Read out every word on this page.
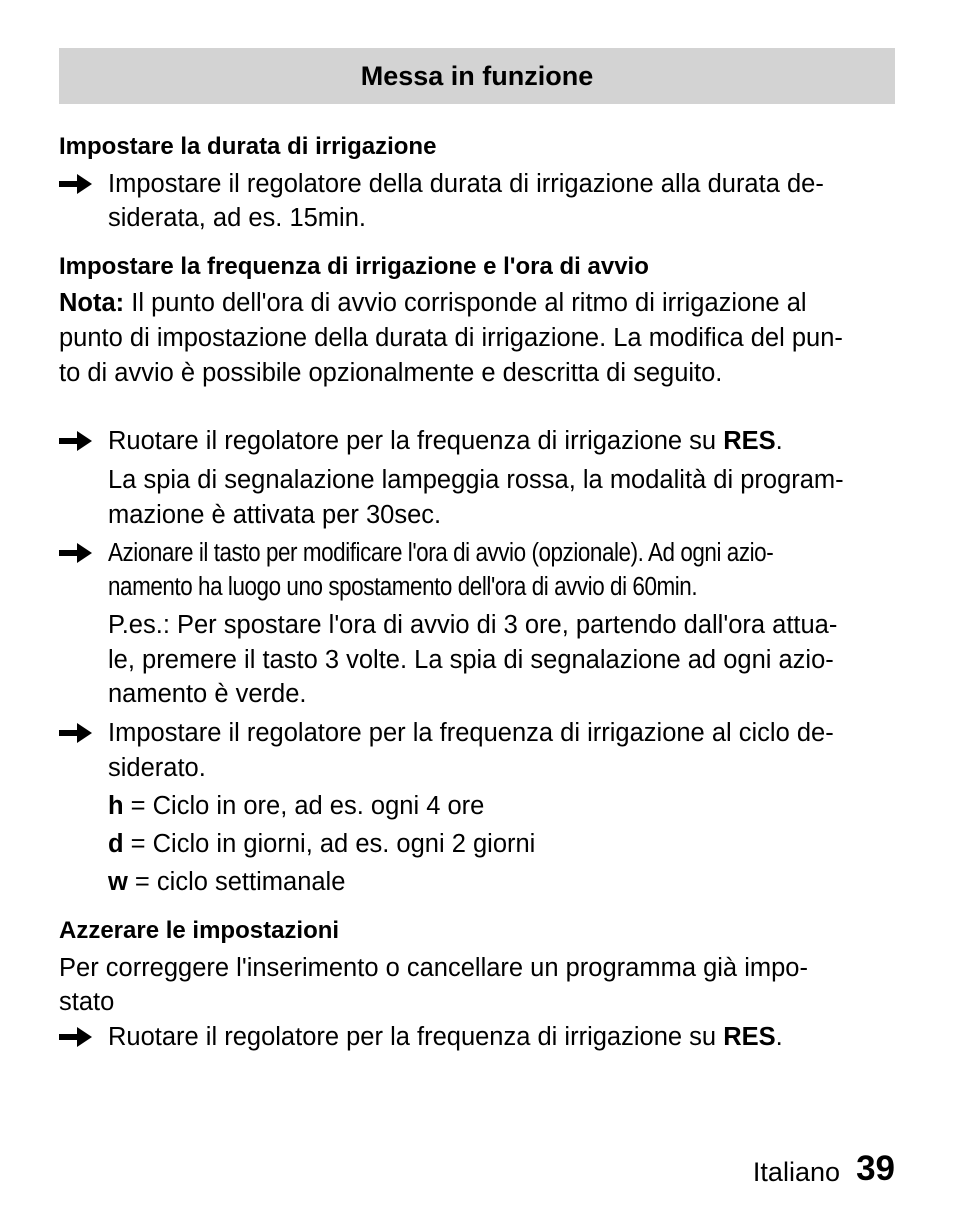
Messa in funzione
Impostare la durata di irrigazione
Impostare il regolatore della durata di irrigazione alla durata de-
siderata, ad es. 15min.
Impostare la frequenza di irrigazione e l'ora di avvio
Nota: Il punto dell'ora di avvio corrisponde al ritmo di irrigazione al
punto di impostazione della durata di irrigazione. La modifica del pun-
to di avvio è possibile opzionalmente e descritta di seguito.
Ruotare il regolatore per la frequenza di irrigazione su RES.
La spia di segnalazione lampeggia rossa, la modalità di program-
mazione è attivata per 30sec.
Azionare il tasto per modificare l'ora di avvio (opzionale). Ad ogni azio-
namento ha luogo uno spostamento dell'ora di avvio di 60min.
P.es.: Per spostare l'ora di avvio di 3 ore, partendo dall'ora attua-
le, premere il tasto 3 volte. La spia di segnalazione ad ogni azio-
namento è verde.
Impostare il regolatore per la frequenza di irrigazione al ciclo de-
siderato.
h = Ciclo in ore, ad es. ogni 4 ore
d = Ciclo in giorni, ad es. ogni 2 giorni
w = ciclo settimanale
Azzerare le impostazioni
Per correggere l'inserimento o cancellare un programma già impo-
stato
Ruotare il regolatore per la frequenza di irrigazione su RES.
Italiano 39
